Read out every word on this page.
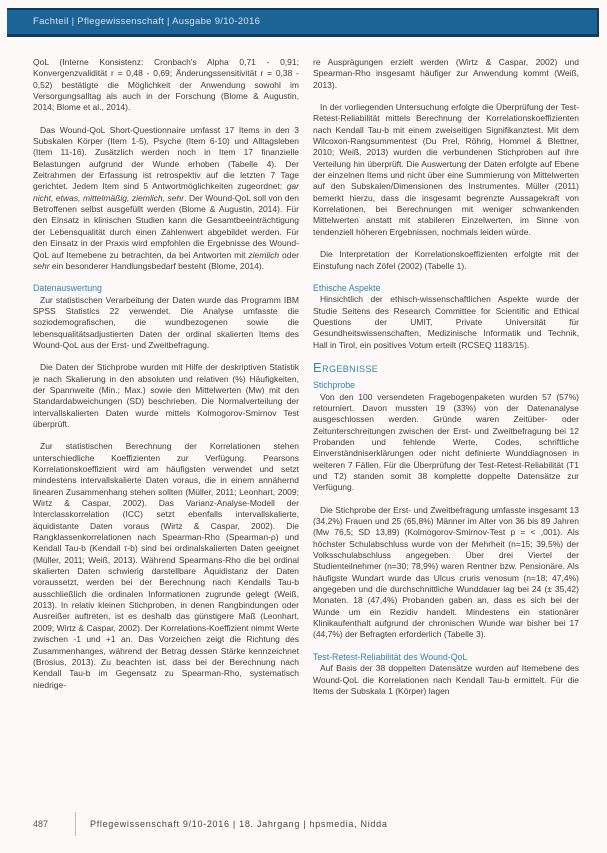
Fachteil | Pflegewissenschaft | Ausgabe 9/10-2016

QoL (Interne Konsistenz: Cronbach's Alpha 0,71 - 0,91; Konvergenzvalidität r = 0,48 - 0,69; Änderungssensitivität r = 0,38 - 0,52) bestätigte die Möglichkeit der Anwendung sowohl im Versorgungsalltag als auch in der Forschung (Blome & Augustin, 2014; Blome et al., 2014).

Das Wound-QoL Short-Questionnaire umfasst 17 Items in den 3 Subskalen Körper (Item 1-5), Psyche (Item 6-10) und Alltagsleben (Item 11-16). Zusätzlich werden noch in Item 17 finanzielle Belastungen aufgrund der Wunde erhoben (Tabelle 4). Der Zeitrahmen der Erfassung ist retrospektiv auf die letzten 7 Tage gerichtet. Jedem Item sind 5 Antwortmöglichkeiten zugeordnet: gar nicht, etwas, mittelmäßig, ziemlich, sehr. Der Wound-QoL soll von den Betroffenen selbst ausgefüllt werden (Blome & Augustin, 2014). Für den Einsatz in klinischen Studien kann die Gesamtbeeinträchtigung der Lebensqualität durch einen Zahlenwert abgebildet werden. Für den Einsatz in der Praxis wird empfohlen die Ergebnisse des Wound-QoL auf Itemebene zu betrachten, da bei Antworten mit ziemlich oder sehr ein besonderer Handlungsbedarf besteht (Blome, 2014).

Datenauswertung

Zur statistischen Verarbeitung der Daten wurde das Programm IBM SPSS Statistics 22 verwendet. Die Analyse umfasste die soziodemografischen, die wundbezogenen sowie die lebensqualitätsadjustierten Daten der ordinal skalierten Items des Wound-QoL aus der Erst- und Zweitbefragung.

Die Daten der Stichprobe wurden mit Hilfe der deskriptiven Statistik je nach Skalierung in den absoluten und relativen (%) Häufigkeiten, der Spannweite (Min.; Max.) sowie den Mittelwerten (Mw) mit den Standardabweichungen (SD) beschrieben. Die Normalverteilung der intervallskalierten Daten wurde mittels Kolmogorov-Smirnov Test überprüft.

Zur statistischen Berechnung der Korrelationen stehen unterschiedliche Koeffizienten zur Verfügung. Pearsons Korrelationskoeffizient wird am häufigsten verwendet und setzt mindestens intervallskalierte Daten voraus, die in einem annähernd linearen Zusammenhang stehen sollten (Müller, 2011; Leonhart, 2009; Wirtz & Caspar, 2002). Das Varianz-Analyse-Modell der Interclasskorrelation (ICC) setzt ebenfalls intervallskalierte, äquidistante Daten voraus (Wirtz & Caspar, 2002). Die Rangklassenkorrelationen nach Spearman-Rho (Spearman-ρ) und Kendall Tau-b (Kendall τ-b) sind bei ordinalskalierten Daten geeignet (Müller, 2011; Weiß, 2013). Während Spearmans-Rho die bei ordinal skalierten Daten schwierig darstellbare Äquidistanz der Daten voraussetzt, werden bei der Berechnung nach Kendalls Tau-b ausschließlich die ordinalen Informationen zugrunde gelegt (Weiß, 2013). In relativ kleinen Stichproben, in denen Rangbindungen oder Ausreißer auftreten, ist es deshalb das günstigere Maß (Leonhart, 2009; Wirtz & Caspar, 2002). Der Korrelations-Koeffizient nimmt Werte zwischen -1 und +1 an. Das Vorzeichen zeigt die Richtung des Zusammenhanges, während der Betrag dessen Stärke kennzeichnet (Brosius, 2013). Zu beachten ist, dass bei der Berechnung nach Kendall Tau-b im Gegensatz zu Spearman-Rho, systematisch niedrige-

re Ausprägungen erzielt werden (Wirtz & Caspar, 2002) und Spearman-Rho insgesamt häufiger zur Anwendung kommt (Weiß, 2013).

In der vorliegenden Untersuchung erfolgte die Überprüfung der Test-Retest-Reliabilität mittels Berechnung der Korrelationskoeffizienten nach Kendall Tau-b mit einem zweiseitigen Signifikanztest. Mit dem Wilcoxon-Rangsummentest (Du Prel, Röhrig, Hommel & Blettner, 2010; Weiß, 2013) wurden die verbundenen Stichproben auf ihre Verteilung hin überprüft. Die Auswertung der Daten erfolgte auf Ebene der einzelnen Items und nicht über eine Summierung von Mittelwerten auf den Subskalen/Dimensionen des Instrumentes. Müller (2011) bemerkt hierzu, dass die insgesamt begrenzte Aussagekraft von Korrelationen, bei Berechnungen mit weniger schwankenden Mittelwerten anstatt mit stabileren Einzelwerten, im Sinne von tendenziell höheren Ergebnissen, nochmals leiden würde.

Die Interpretation der Korrelationskoeffizienten erfolgte mit der Einstufung nach Zöfel (2002) (Tabelle 1).

Ethische Aspekte

Hinsichtlich der ethisch-wissenschaftlichen Aspekte wurde der Studie Seitens des Research Committee for Scientific and Ethical Questions der UMIT, Private Universität für Gesundheitswissenschaften, Medizinische Informatik und Technik, Hall in Tirol, ein positives Votum erteilt (RCSEQ 1183/15).

Ergebnisse
Stichprobe

Von den 100 versendeten Fragebogenpaketen wurden 57 (57%) retourniert. Davon mussten 19 (33%) von der Datenanalyse ausgeschlossen werden. Gründe waren Zeitüber- oder Zeitunterschreitungen zwischen der Erst- und Zweitbefragung bei 12 Probanden und fehlende Werte, Codes, schriftliche Einverständniserklärungen oder nicht definierte Wunddiagnosen in weiteren 7 Fällen. Für die Überprüfung der Test-Retest-Reliabilität (T1 und T2) standen somit 38 komplette doppelte Datensätze zur Verfügung.

Die Stichprobe der Erst- und Zweitbefragung umfasste insgesamt 13 (34,2%) Frauen und 25 (65,8%) Männer im Alter von 36 bis 89 Jahren (Mw 76,5; SD 13,89) (Kolmogorov-Smirnov-Test p = < ,001). Als höchster Schulabschluss wurde von der Mehrheit (n=15; 39,5%) der Volksschulabschluss angegeben. Über drei Viertel der Studienteilnehmer (n=30; 78,9%) waren Rentner bzw. Pensionäre. Als häufigste Wundart wurde das Ulcus cruris venosum (n=18; 47,4%) angegeben und die durchschnittliche Wunddauer lag bei 24 (± 35,42) Monaten. 18 (47,4%) Probanden gaben an, dass es sich bei der Wunde um ein Rezidiv handelt. Mindestens ein stationärer Klinikaufenthalt aufgrund der chronischen Wunde war bisher bei 17 (44,7%) der Befragten erforderlich (Tabelle 3).

Test-Retest-Reliabilität des Wound-QoL

Auf Basis der 38 doppelten Datensätze wurden auf Itemebene des Wound-QoL die Korrelationen nach Kendall Tau-b ermittelt. Für die Items der Subskala 1 (Körper) lagen

487	Pflegewissenschaft 9/10-2016 | 18. Jahrgang | hpsmedia, Nidda
